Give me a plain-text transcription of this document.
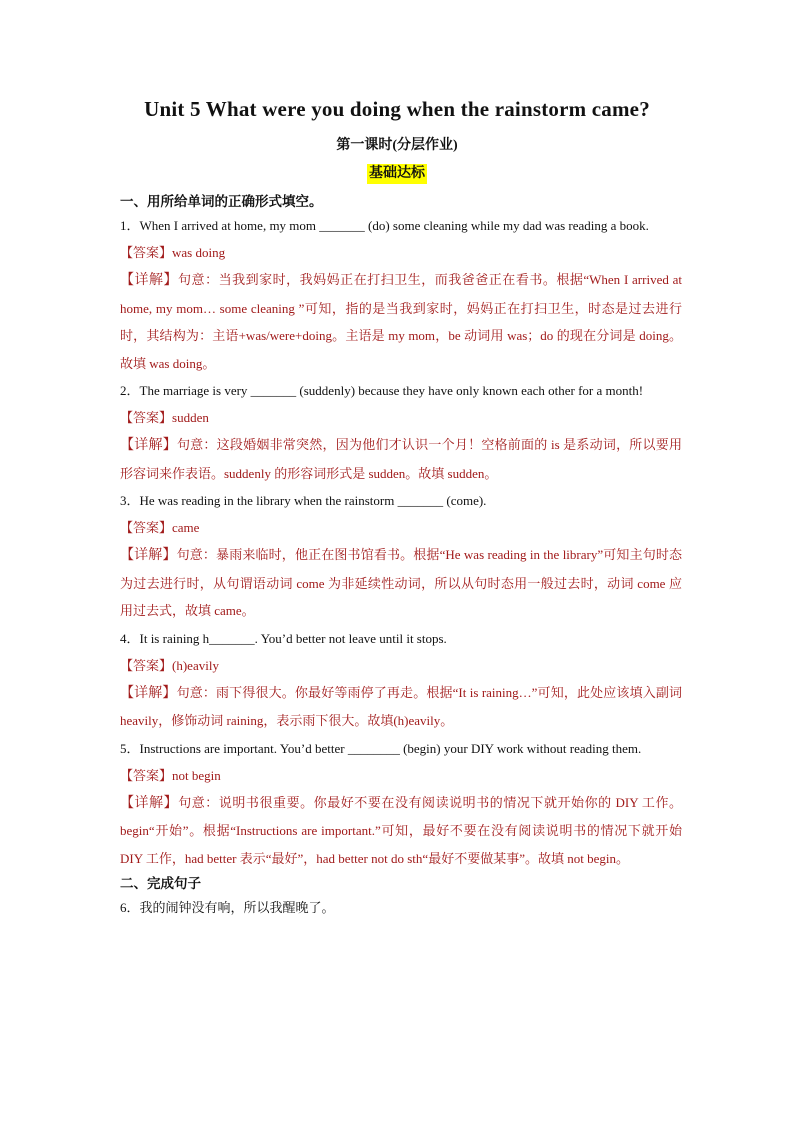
Unit 5 What were you doing when the rainstorm came?
第一课时(分层作业)
基础达标
一、用所给单词的正确形式填空。
1．When I arrived at home, my mom _______ (do) some cleaning while my dad was reading a book.
【答案】was doing
【详解】句意：当我到家时，我妈妈正在打扫卫生，而我爸爸正在看书。根据“When I arrived at home, my mom… some cleaning ”可知，指的是当我到家时，妈妈正在打扫卫生，时态是过去进行时，其结构为：主语+was/were+doing。主语是 my mom，be 动词用 was；do 的现在分词是 doing。故填 was doing。
2．The marriage is very _______ (suddenly) because they have only known each other for a month!
【答案】sudden
【详解】句意：这段婚姻非常突然，因为他们才认识一个月！空格前面的 is 是系动词，所以要用形容词来作表语。suddenly 的形容词形式是 sudden。故填 sudden。
3．He was reading in the library when the rainstorm _______ (come).
【答案】came
【详解】句意：暴雨来临时，他正在图书馆看书。根据“He was reading in the library”可知主句时态为过去进行时，从句谓语动词 come 为非延续性动词，所以从句时态用一般过去时，动词 come 应用过去式，故填 came。
4．It is raining h_______. You’d better not leave until it stops.
【答案】(h)eavily
【详解】句意：雨下得很大。你最好等雨停了再走。根据“It is raining…”可知，此处应该填入副词 heavily，修饰动词 raining，表示雨下很大。故填(h)eavily。
5．Instructions are important. You’d better ________ (begin) your DIY work without reading them.
【答案】not begin
【详解】句意：说明书很重要。你最好不要在没有阅读说明书的情况下就开始你的 DIY 工作。begin“开始”。根据“Instructions are important.”可知，最好不要在没有阅读说明书的情况下就开始 DIY 工作，had better 表示“最好”，had better not do sth“最好不要做某事”。故填 not begin。
二、完成句子
6．我的闹钟没有响，所以我醒晚了。
